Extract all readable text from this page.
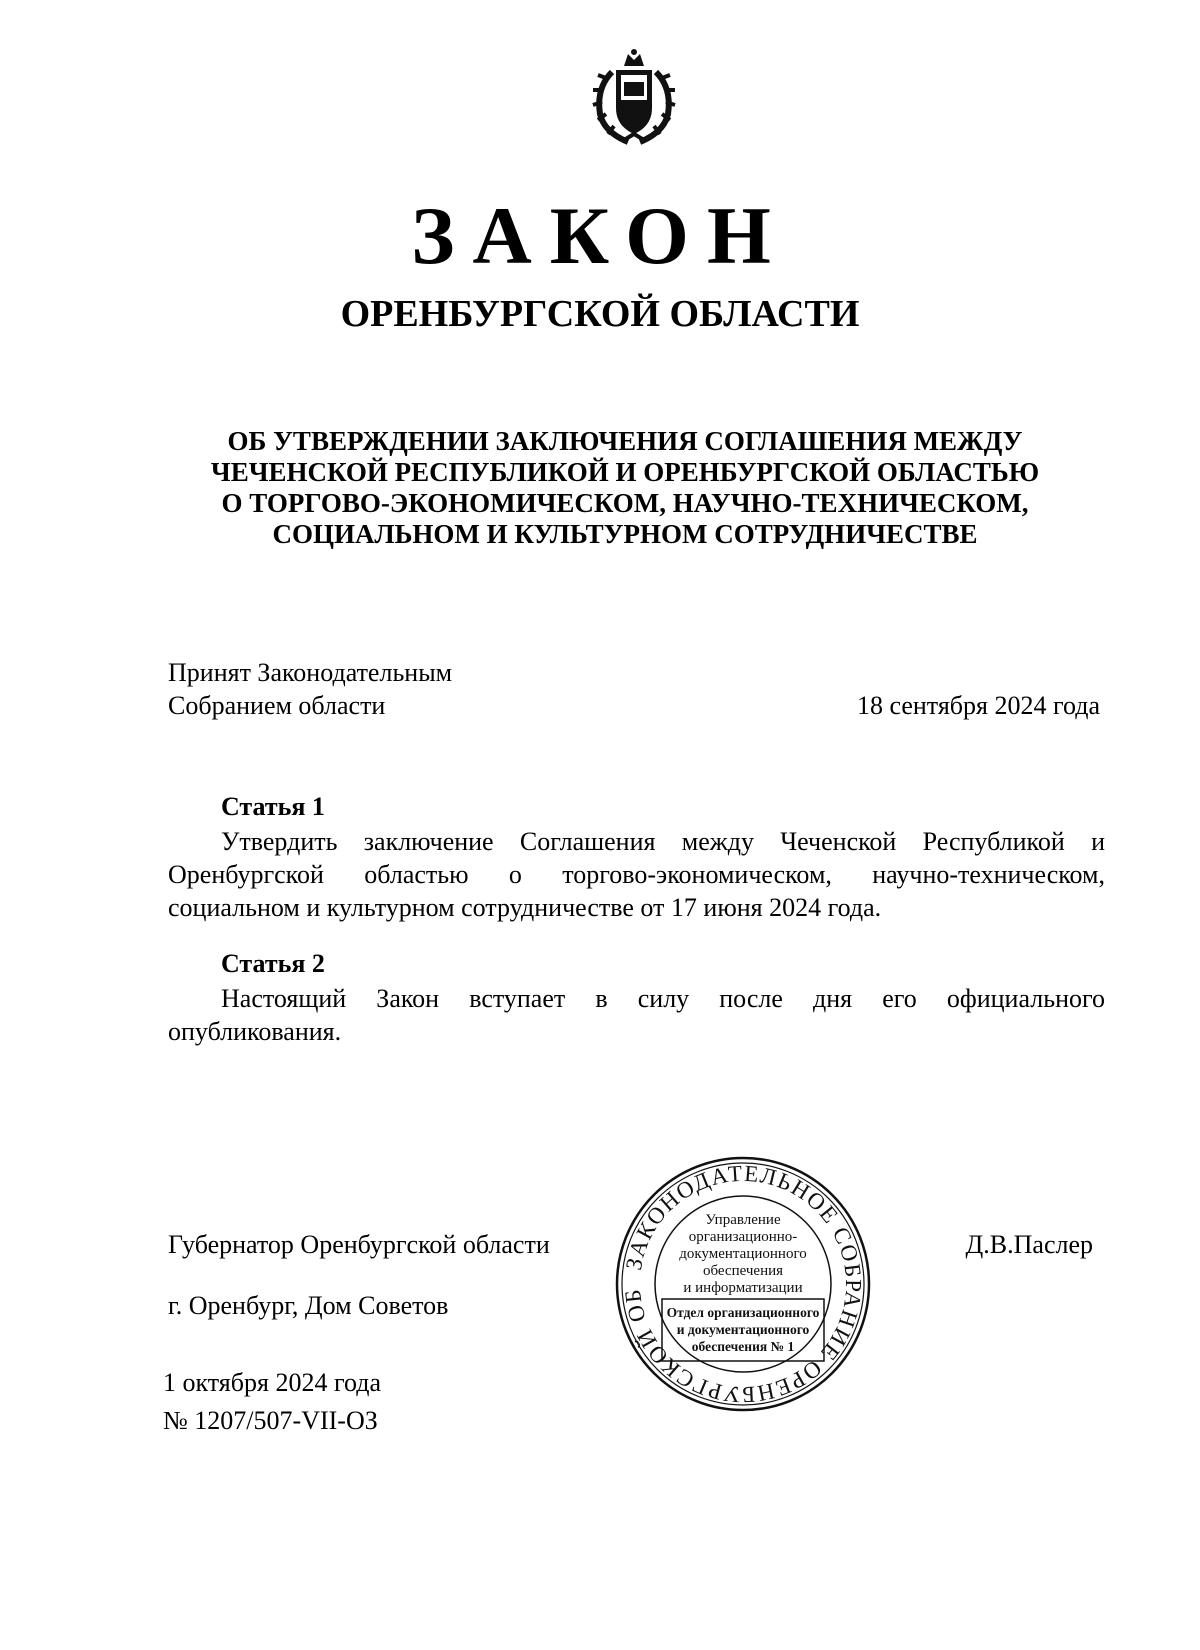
ЗАКОН
ОРЕНБУРГСКОЙ ОБЛАСТИ
ОБ УТВЕРЖДЕНИИ ЗАКЛЮЧЕНИЯ СОГЛАШЕНИЯ МЕЖДУ
ЧЕЧЕНСКОЙ РЕСПУБЛИКОЙ И ОРЕНБУРГСКОЙ ОБЛАСТЬЮ
О ТОРГОВО-ЭКОНОМИЧЕСКОМ, НАУЧНО-ТЕХНИЧЕСКОМ,
СОЦИАЛЬНОМ И КУЛЬТУРНОМ СОТРУДНИЧЕСТВЕ
Принят Законодательным
Собранием области	18 сентября 2024 года
Статья 1
Утвердить заключение Соглашения между Чеченской Республикой и
Оренбургской областью о торгово-экономическом, научно-техническом,
социальном и культурном сотрудничестве от 17 июня 2024 года.
Статья 2
Настоящий Закон вступает в силу после дня его официального
опубликования.
Губернатор Оренбургской области	Д.В.Паслер
г. Оренбург, Дом Советов
1 октября 2024 года
№ 1207/507-VII-ОЗ
ЗАКОНОДАТЕЛЬНОЕ СОБРАНИЕ ОРЕНБУРГСКОЙ ОБ
Управление
организационно-
документационного
обеспечения
и информатизации
Отдел организационного
и документационного
обеспечения № 1
